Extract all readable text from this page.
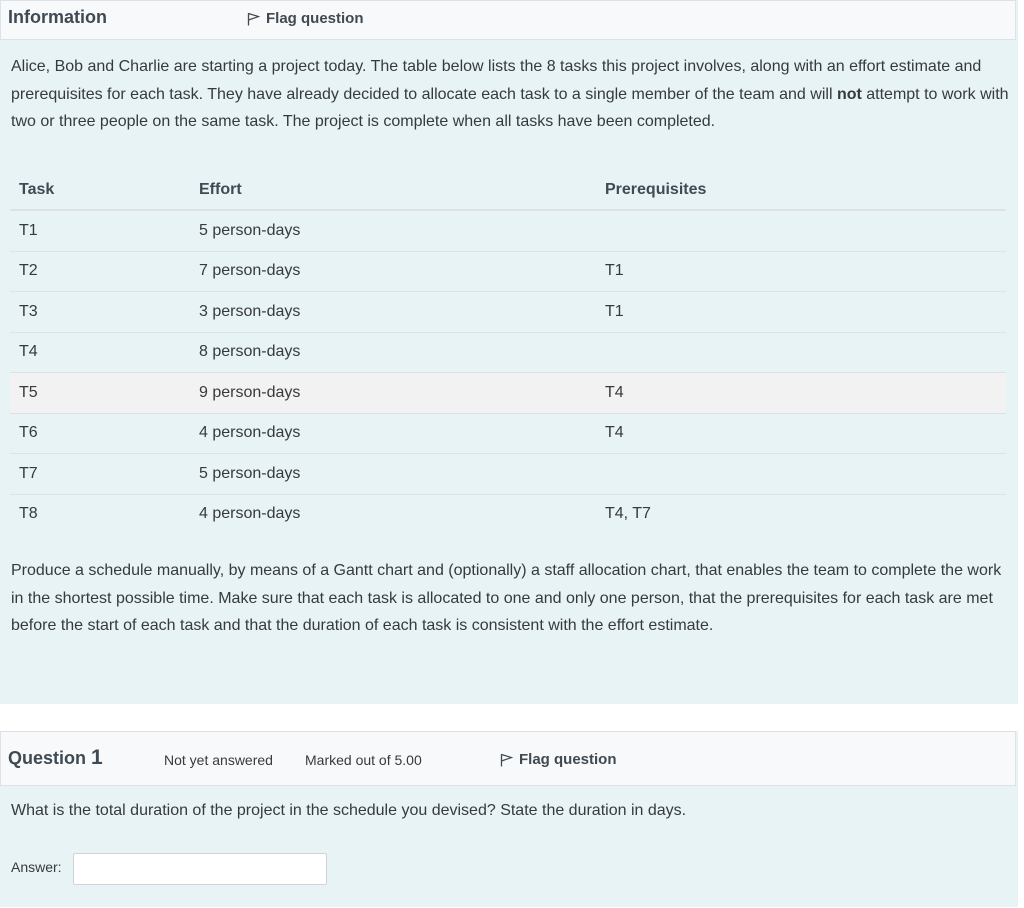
Information	Flag question
Alice, Bob and Charlie are starting a project today. The table below lists the 8 tasks this project involves, along with an effort estimate and prerequisites for each task. They have already decided to allocate each task to a single member of the team and will not attempt to work with two or three people on the same task. The project is complete when all tasks have been completed.
Task	Effort	Prerequisites
T1	5 person-days	
T2	7 person-days	T1
T3	3 person-days	T1
T4	8 person-days	
T5	9 person-days	T4
T6	4 person-days	T4
T7	5 person-days	
T8	4 person-days	T4, T7
Produce a schedule manually, by means of a Gantt chart and (optionally) a staff allocation chart, that enables the team to complete the work in the shortest possible time. Make sure that each task is allocated to one and only one person, that the prerequisites for each task are met before the start of each task and that the duration of each task is consistent with the effort estimate.
Question 1	Not yet answered Marked out of 5.00	Flag question
What is the total duration of the project in the schedule you devised? State the duration in days.
Answer:
